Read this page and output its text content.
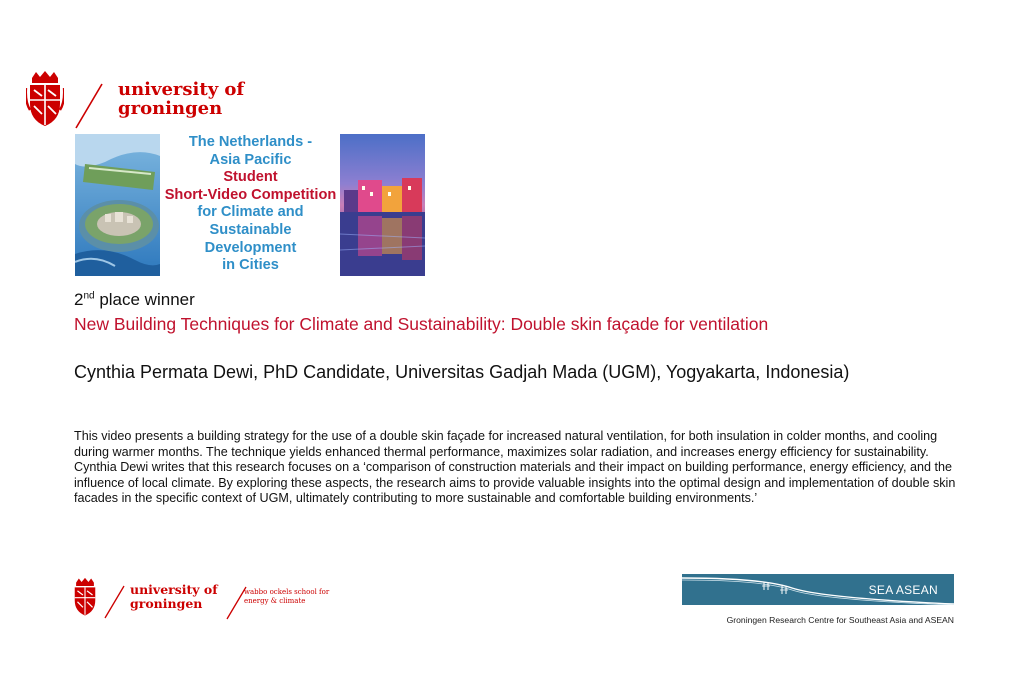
university of
groningen
The Netherlands -
Asia Pacific
Student
Short-Video Competition
for Climate and
Sustainable Development
in Cities
2nd place winner
New Building Techniques for Climate and Sustainability: Double skin façade for ventilation
Cynthia Permata Dewi, PhD Candidate, Universitas Gadjah Mada (UGM), Yogyakarta, Indonesia)
This video presents a building strategy for the use of a double skin façade for increased natural ventilation, for both insulation in colder months, and cooling during warmer months. The technique yields enhanced thermal performance, maximizes solar radiation, and increases energy efficiency for sustainability. Cynthia Dewi writes that this research focuses on a ‘comparison of construction materials and their impact on building performance, energy efficiency, and the influence of local climate. By exploring these aspects, the research aims to provide valuable insights into the optimal design and implementation of double skin facades in the specific context of UGM, ultimately contributing to more sustainable and comfortable building environments.’
university of
groningen
wabbo ockels school for
energy & climate
SEA ASEAN
Groningen Research Centre for Southeast Asia and ASEAN
